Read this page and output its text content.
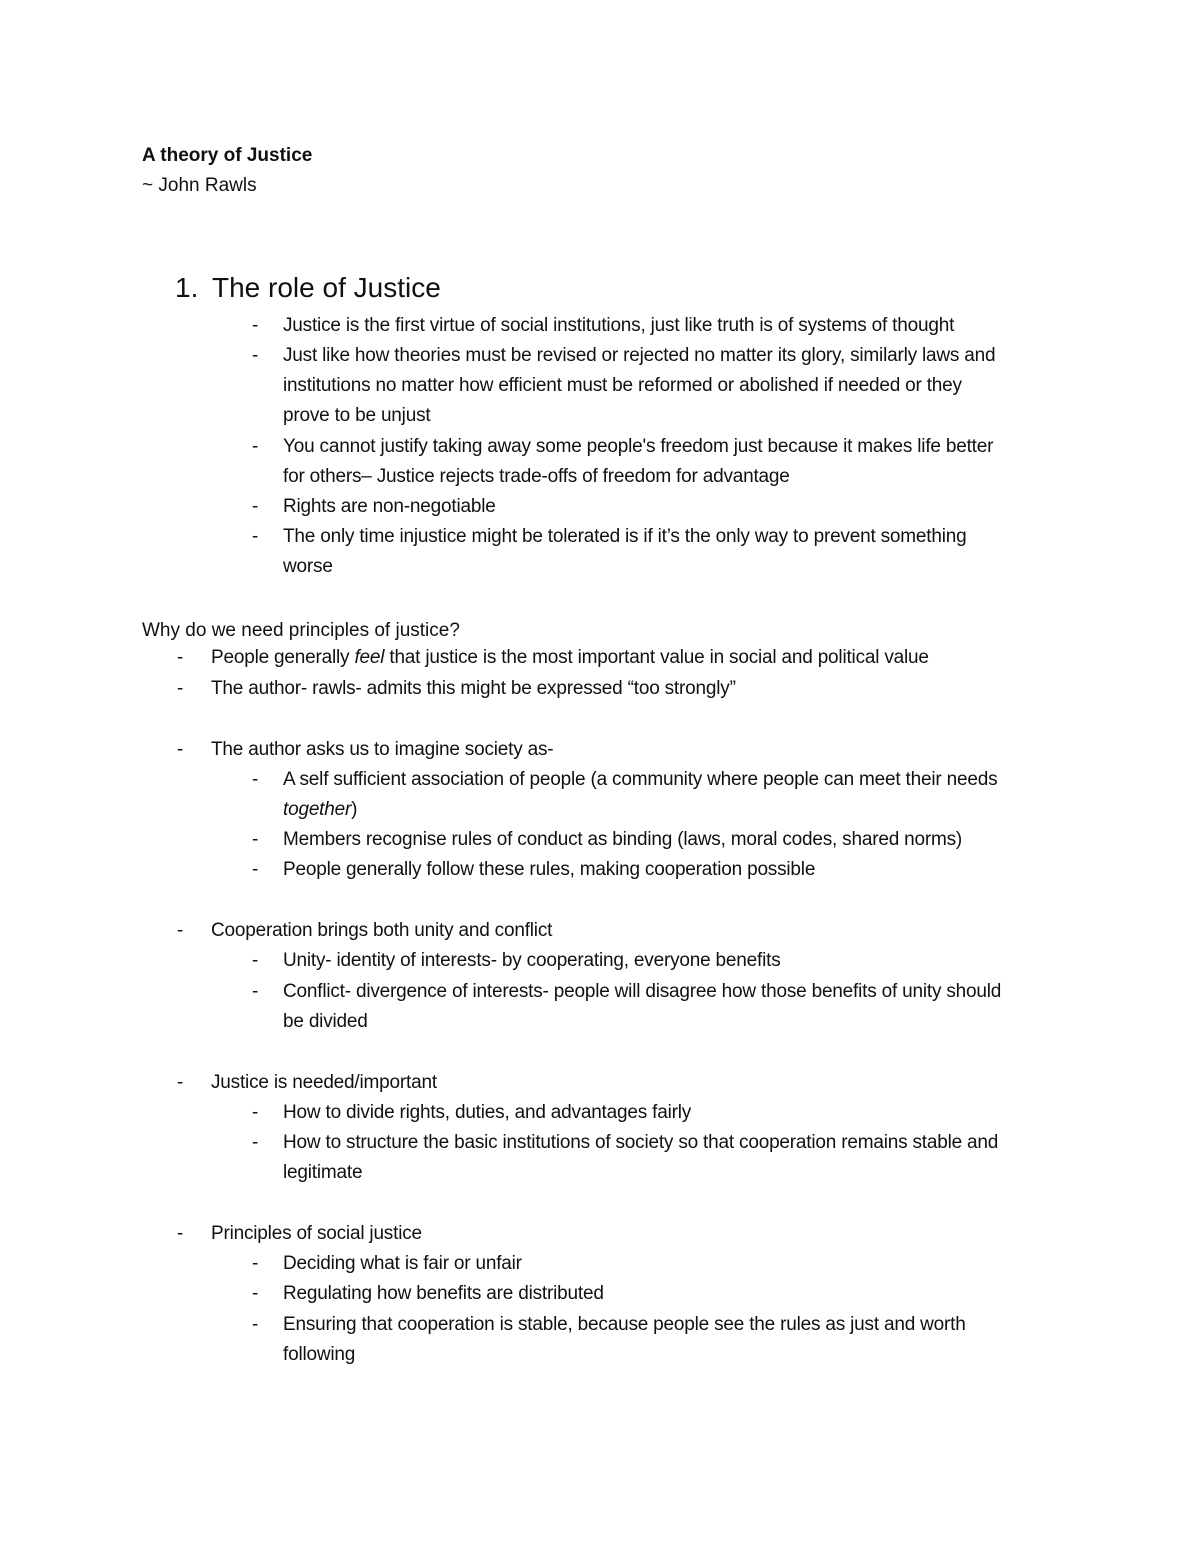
A theory of Justice
~ John Rawls
1. The role of Justice
- Justice is the first virtue of social institutions, just like truth is of systems of thought
- Just like how theories must be revised or rejected no matter its glory, similarly laws and
institutions no matter how efficient must be reformed or abolished if needed or they
prove to be unjust
- You cannot justify taking away some people's freedom just because it makes life better
for others– Justice rejects trade-offs of freedom for advantage
- Rights are non-negotiable
- The only time injustice might be tolerated is if it’s the only way to prevent something
worse
Why do we need principles of justice?
- People generally feel that justice is the most important value in social and political value
- The author- rawls- admits this might be expressed “too strongly”
- The author asks us to imagine society as-
- A self sufficient association of people (a community where people can meet their needs
together)
- Members recognise rules of conduct as binding (laws, moral codes, shared norms)
- People generally follow these rules, making cooperation possible
- Cooperation brings both unity and conflict
- Unity- identity of interests- by cooperating, everyone benefits
- Conflict- divergence of interests- people will disagree how those benefits of unity should
be divided
- Justice is needed/important
- How to divide rights, duties, and advantages fairly
- How to structure the basic institutions of society so that cooperation remains stable and
legitimate
- Principles of social justice
- Deciding what is fair or unfair
- Regulating how benefits are distributed
- Ensuring that cooperation is stable, because people see the rules as just and worth
following
